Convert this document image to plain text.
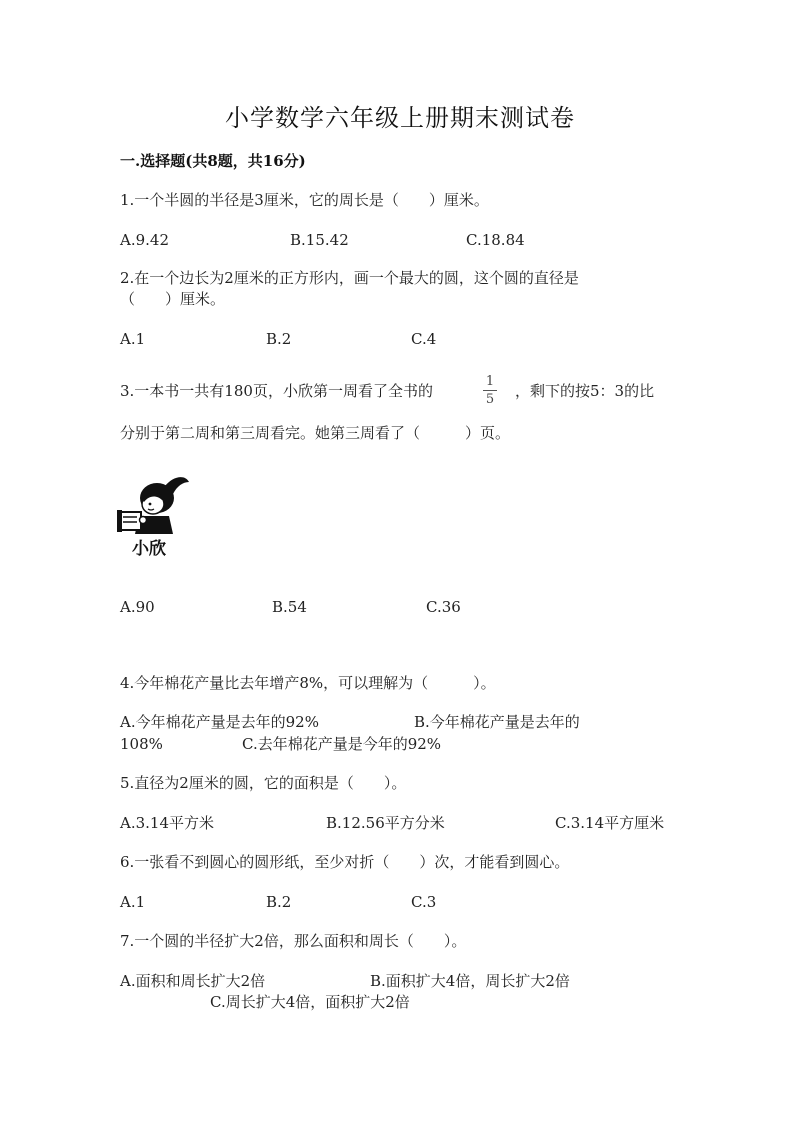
小学数学六年级上册期末测试卷
一.选择题(共8题，共16分)
1.一个半圆的半径是3厘米，它的周长是（　　）厘米。
A.9.42	B.15.42	C.18.84
2.在一个边长为2厘米的正方形内，画一个最大的圆，这个圆的直径是
（　　）厘米。
A.1	B.2	C.4
3.一本书一共有180页，小欣第一周看了全书的
1
5	，剩下的按5：3的比
分别于第二周和第三周看完。她第三周看了（　　　）页。
小欣
A.90	B.54	C.36
4.今年棉花产量比去年增产8%，可以理解为（　　　）。
A.今年棉花产量是去年的92%	B.今年棉花产量是去年的
108%	C.去年棉花产量是今年的92%
5.直径为2厘米的圆，它的面积是（　　）。
A.3.14平方米	B.12.56平方分米	C.3.14平方厘米
6.一张看不到圆心的圆形纸，至少对折（　　）次，才能看到圆心。
A.1	B.2	C.3
7.一个圆的半径扩大2倍，那么面积和周长（　　）。
A.面积和周长扩大2倍	B.面积扩大4倍，周长扩大2倍
C.周长扩大4倍，面积扩大2倍
